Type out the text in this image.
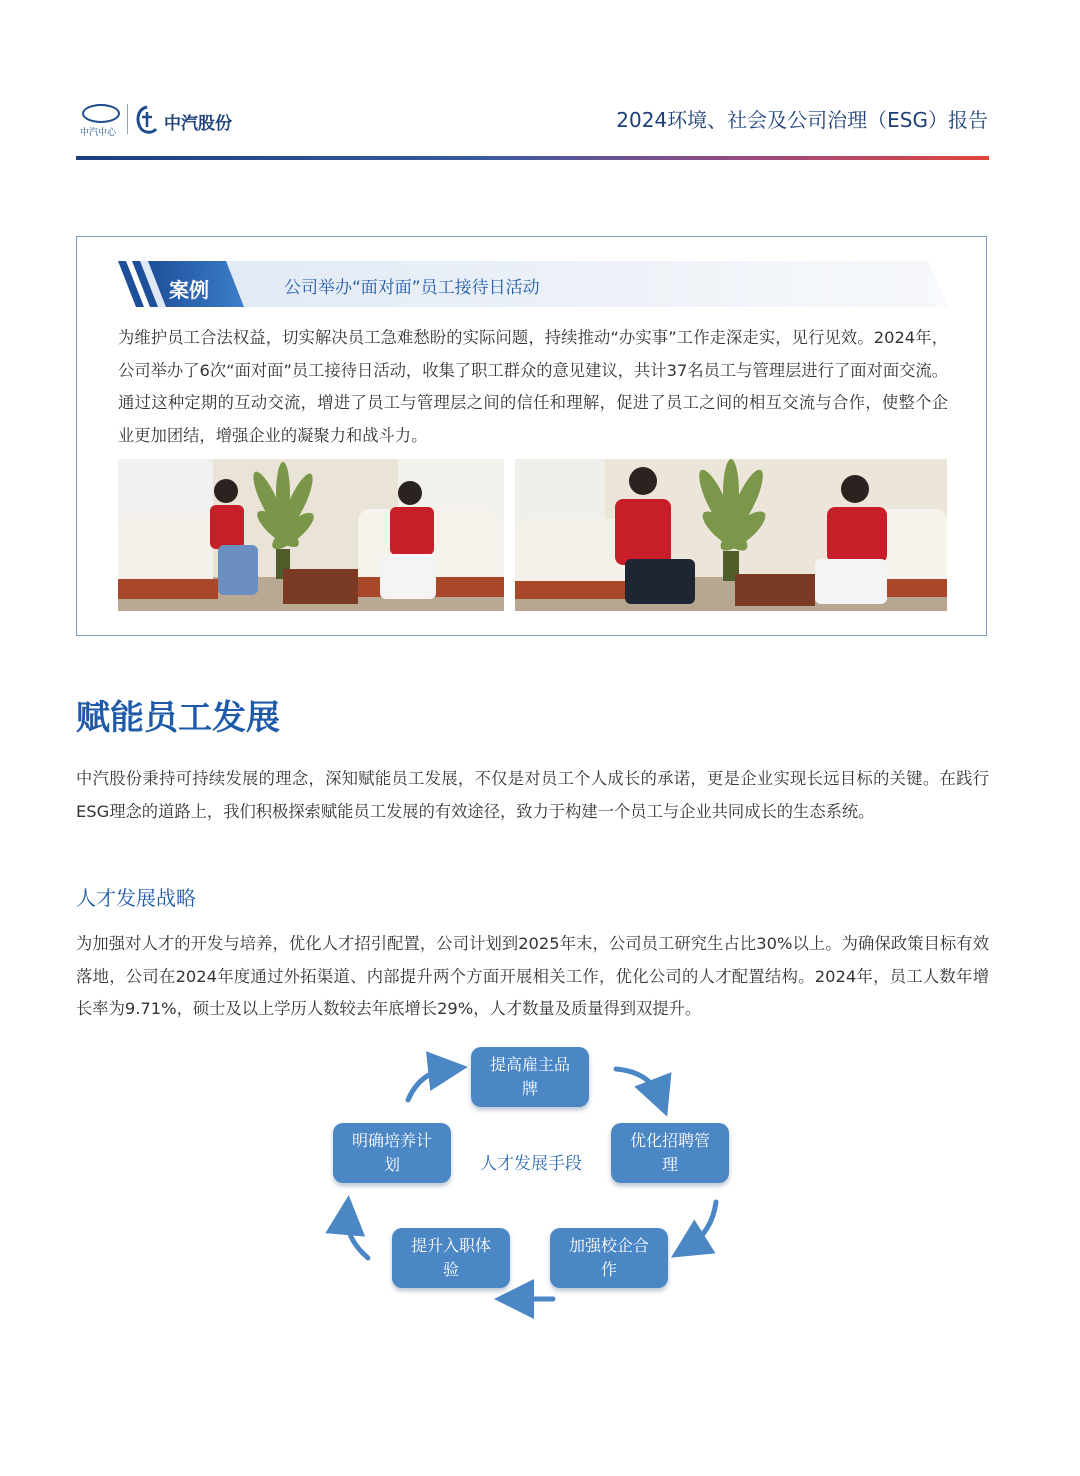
中汽中心	中汽股份	2024环境、社会及公司治理（ESG）报告
案例	公司举办“面对面”员工接待日活动
为维护员工合法权益，切实解决员工急难愁盼的实际问题，持续推动“办实事”工作走深走实，见行见效。2024年，公司举办了6次“面对面”员工接待日活动，收集了职工群众的意见建议，共计37名员工与管理层进行了面对面交流。通过这种定期的互动交流，增进了员工与管理层之间的信任和理解，促进了员工之间的相互交流与合作，使整个企业更加团结，增强企业的凝聚力和战斗力。
赋能员工发展
中汽股份秉持可持续发展的理念，深知赋能员工发展，不仅是对员工个人成长的承诺，更是企业实现长远目标的关键。在践行ESG理念的道路上，我们积极探索赋能员工发展的有效途径，致力于构建一个员工与企业共同成长的生态系统。
人才发展战略
为加强对人才的开发与培养，优化人才招引配置，公司计划到2025年末，公司员工研究生占比30%以上。为确保政策目标有效落地，公司在2024年度通过外拓渠道、内部提升两个方面开展相关工作，优化公司的人才配置结构。2024年，员工人数年增长率为9.71%，硕士及以上学历人数较去年底增长29%，人才数量及质量得到双提升。
提高雇主品牌
优化招聘管理
加强校企合作
提升入职体验
明确培养计划	人才发展手段
